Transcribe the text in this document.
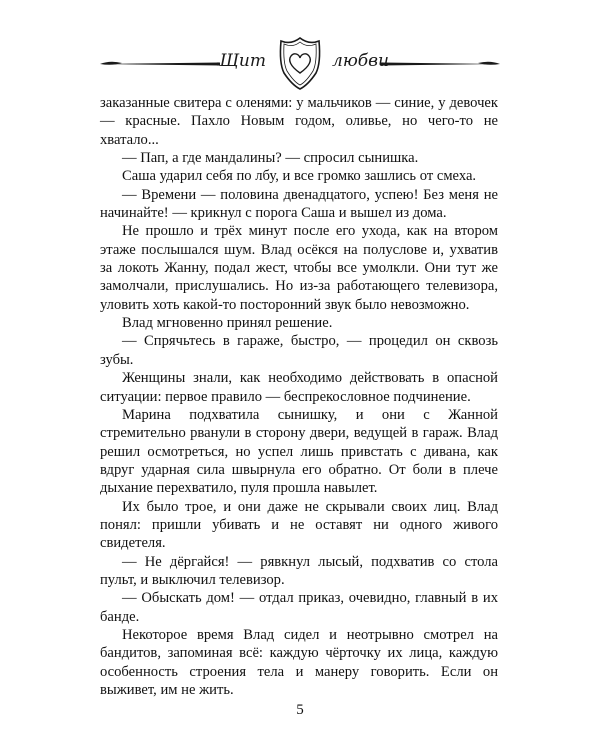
Щит	любви

заказанные свитера с оленями: у мальчиков — синие, у девочек — красные. Пахло Новым годом, оливье, но чего-то не хватало...

— Пап, а где мандалины? — спросил сынишка.

Саша ударил себя по лбу, и все громко зашлись от смеха.

— Времени — половина двенадцатого, успею! Без меня не начинайте! — крикнул с порога Саша и вышел из дома.

Не прошло и трёх минут после его ухода, как на втором этаже послышался шум. Влад осёкся на полуслове и, ухватив за локоть Жанну, подал жест, чтобы все умолкли. Они тут же замолчали, прислушались. Но из-за работающего телевизора, уловить хоть какой-то посторонний звук было невозможно.

Влад мгновенно принял решение.

— Спрячьтесь в гараже, быстро, — процедил он сквозь зубы.

Женщины знали, как необходимо действовать в опасной ситуации: первое правило — беспрекословное подчинение.

Марина подхватила сынишку, и они с Жанной стремительно рванули в сторону двери, ведущей в гараж. Влад решил осмотреться, но успел лишь привстать с дивана, как вдруг ударная сила швырнула его обратно. От боли в плече дыхание перехватило, пуля прошла навылет.

Их было трое, и они даже не скрывали своих лиц. Влад понял: пришли убивать и не оставят ни одного живого свидетеля.

— Не дёргайся! — рявкнул лысый, подхватив со стола пульт, и выключил телевизор.

— Обыскать дом! — отдал приказ, очевидно, главный в их банде.

Некоторое время Влад сидел и неотрывно смотрел на бандитов, запоминая всё: каждую чёрточку их лица, каждую особенность строения тела и манеру говорить. Если он выживет, им не жить.

5
